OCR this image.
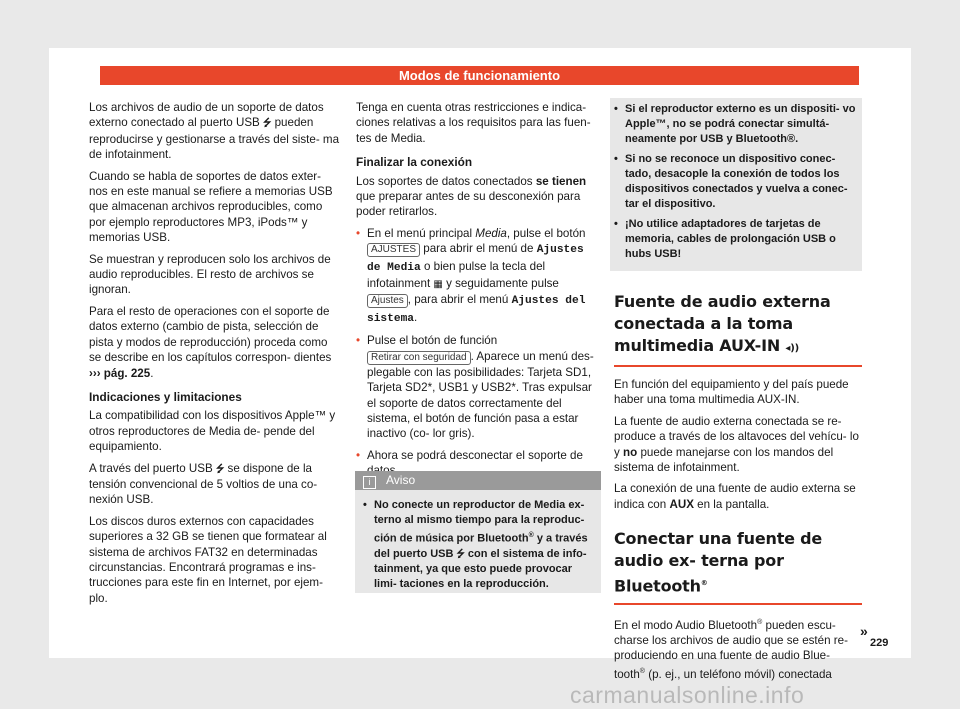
Modos de funcionamiento

Los archivos de audio de un soporte de datos externo conectado al puerto USB ⭍ pueden reproducirse y gestionarse a través del siste- ma de infotainment.

Cuando se habla de soportes de datos exter- nos en este manual se refiere a memorias USB que almacenan archivos reproducibles, como por ejemplo reproductores MP3, iPods™ y memorias USB.

Se muestran y reproducen solo los archivos de audio reproducibles. El resto de archivos se ignoran.

Para el resto de operaciones con el soporte de datos externo (cambio de pista, selección de pista y modos de reproducción) proceda como se describe en los capítulos correspon- dientes ››› pág. 225.

Indicaciones y limitaciones

La compatibilidad con los dispositivos Apple™ y otros reproductores de Media de- pende del equipamiento.

A través del puerto USB ⭍ se dispone de la tensión convencional de 5 voltios de una co- nexión USB.

Los discos duros externos con capacidades superiores a 32 GB se tienen que formatear al sistema de archivos FAT32 en determinadas circunstancias. Encontrará programas e ins- trucciones para este fin en Internet, por ejem- plo.

Tenga en cuenta otras restricciones e indica- ciones relativas a los requisitos para las fuen- tes de Media.

Finalizar la conexión

Los soportes de datos conectados se tienen que preparar antes de su desconexión para poder retirarlos.

• En el menú principal Media, pulse el botón AJUSTES para abrir el menú de Ajustes de Media o bien pulse la tecla del infotainment ▦ y seguidamente pulse Ajustes , para abrir el menú Ajustes del sistema.
• Pulse el botón de función Retirar con seguridad . Aparece un menú des- plegable con las posibilidades: Tarjeta SD1, Tarjeta SD2*, USB1 y USB2*. Tras expulsar el soporte de datos correctamente del sistema, el botón de función pasa a estar inactivo (co- lor gris).
• Ahora se podrá desconectar el soporte de
i Aviso
• No conecte un reproductor de Media ex- terno al mismo tiempo para la reproduc- ción de música por Bluetooth® y a través del puerto USB ⭍ con el sistema de info- tainment, ya que esto puede provocar limi- taciones en la reproducción.
• Si el reproductor externo es un dispositi- vo Apple™, no se podrá conectar simultá- neamente por USB y Bluetooth®.
• Si no se reconoce un dispositivo conec- tado, desacople la conexión de todos los dispositivos conectados y vuelva a conec- tar el dispositivo.
• ¡No utilice adaptadores de tarjetas de memoria, cables de prolongación USB o hubs USB!
Fuente de audio externa conectada a la toma multimedia AUX-IN ◂))

En función del equipamiento y del país puede haber una toma multimedia AUX-IN.

La fuente de audio externa conectada se re- produce a través de los altavoces del vehícu- lo y no puede manejarse con los mandos del sistema de infotainment.

La conexión de una fuente de audio externa se indica con AUX en la pantalla.

Conectar una fuente de audio ex- terna por Bluetooth®

En el modo Audio Bluetooth® pueden escu- charse los archivos de audio que se estén re- produciendo en una fuente de audio Blue- tooth® (p. ej., un teléfono móvil) conectada

»
229
carmanualsonline.info
